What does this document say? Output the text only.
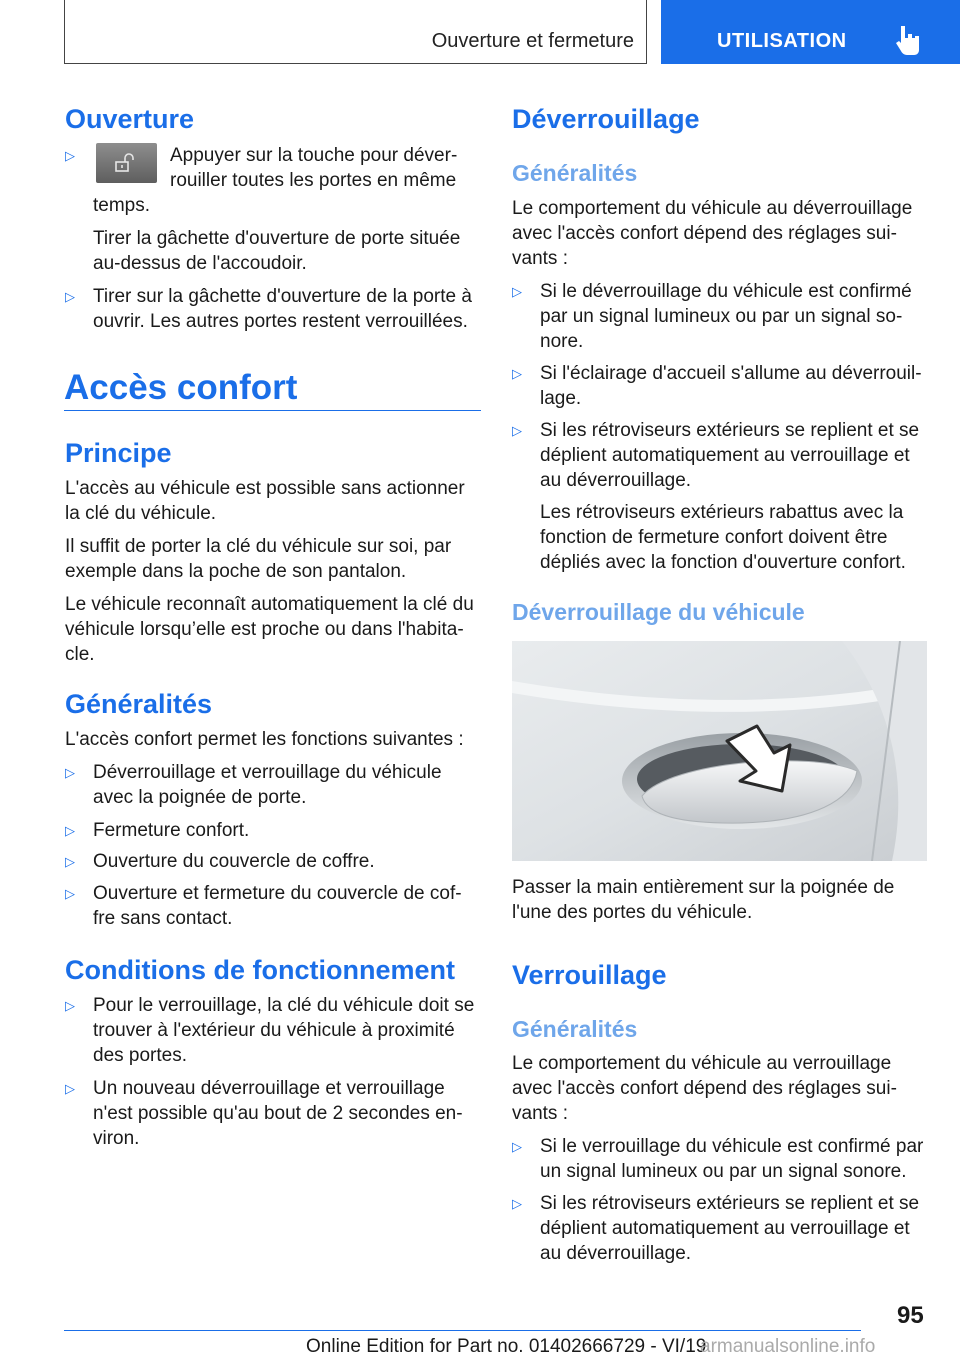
Ouverture et fermeture	UTILISATION
Ouverture
▷	Appuyer sur la touche pour déver-

rouiller toutes les portes en même

temps.

Tirer la gâchette d'ouverture de porte située

au-dessus de l'accoudoir.

▷ Tirer sur la gâchette d'ouverture de la porte à

ouvrir. Les autres portes restent verrouillées.

Accès confort
Principe

L'accès au véhicule est possible sans actionner

la clé du véhicule.

Il suffit de porter la clé du véhicule sur soi, par

exemple dans la poche de son pantalon.

Le véhicule reconnaît automatiquement la clé du

véhicule lorsqu’elle est proche ou dans l'habita-

cle.

Généralités

L'accès confort permet les fonctions suivantes :

▷ Déverrouillage et verrouillage du véhicule

avec la poignée de porte.

▷ Fermeture confort.

▷ Ouverture du couvercle de coffre.

▷ Ouverture et fermeture du couvercle de cof-

fre sans contact.

Conditions de fonctionnement
▷ Pour le verrouillage, la clé du véhicule doit se

trouver à l'extérieur du véhicule à proximité

des portes.

▷ Un nouveau déverrouillage et verrouillage

n'est possible qu'au bout de 2 secondes en-

viron.

Déverrouillage
Généralités

Le comportement du véhicule au déverrouillage

avec l'accès confort dépend des réglages sui-

vants :

▷ Si le déverrouillage du véhicule est confirmé

par un signal lumineux ou par un signal so-

nore.

▷ Si l'éclairage d'accueil s'allume au déverrouil-

lage.

▷ Si les rétroviseurs extérieurs se replient et se

déplient automatiquement au verrouillage et

au déverrouillage.

Les rétroviseurs extérieurs rabattus avec la

fonction de fermeture confort doivent être

dépliés avec la fonction d'ouverture confort.

Déverrouillage du véhicule

Passer la main entièrement sur la poignée de

l'une des portes du véhicule.

Verrouillage
Généralités

Le comportement du véhicule au verrouillage

avec l'accès confort dépend des réglages sui-

vants :

▷ Si le verrouillage du véhicule est confirmé par

un signal lumineux ou par un signal sonore.

▷ Si les rétroviseurs extérieurs se replient et se

déplient automatiquement au verrouillage et

au déverrouillage.

95
Online Edition for Part no. 01402666729 - VI/19
armanualsonline.info
